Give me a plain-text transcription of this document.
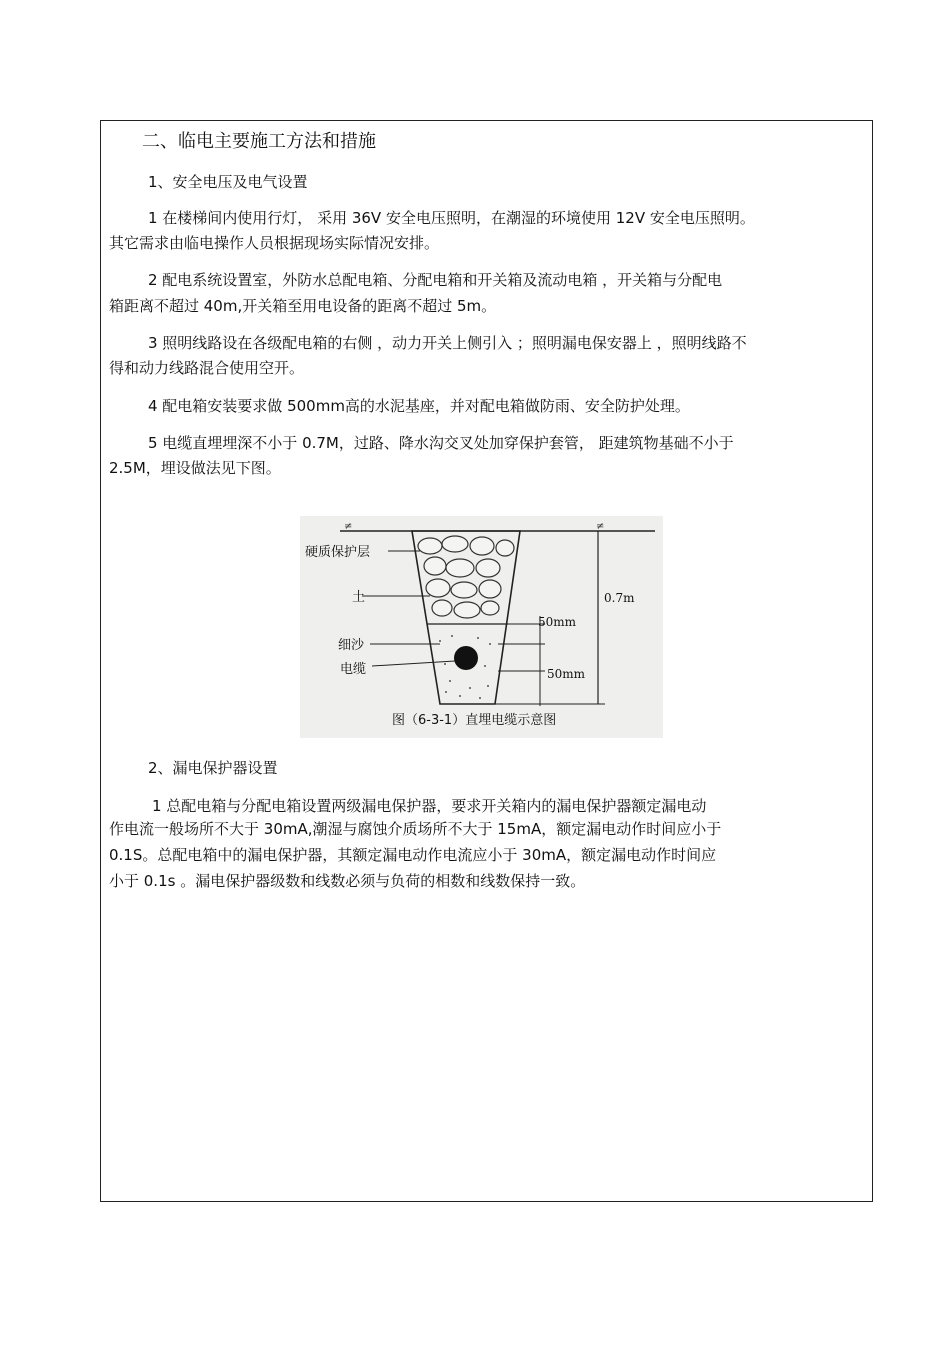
二、临电主要施工方法和措施
1、安全电压及电气设置
1 在楼梯间内使用行灯， 采用 36V 安全电压照明，在潮湿的环境使用 12V 安全电压照明。
其它需求由临电操作人员根据现场实际情况安排。
2 配电系统设置室，外防水总配电箱、分配电箱和开关箱及流动电箱 ，开关箱与分配电
箱距离不超过 40m,开关箱至用电设备的距离不超过 5m。
3 照明线路设在各级配电箱的右侧 ，动力开关上侧引入 ；照明漏电保安器上 ，照明线路不
得和动力线路混合使用空开。
4 配电箱安装要求做 500mm高的水泥基座，并对配电箱做防雨、安全防护处理。
5 电缆直埋埋深不小于 0.7M，过路、降水沟交叉处加穿保护套管， 距建筑物基础不小于
2.5M，埋设做法见下图。
≠	≠
硬质保护层
土
细沙
电缆
0.7m
50mm
50mm
图（6-3-1）直埋电缆示意图
2、漏电保护器设置
1 总配电箱与分配电箱设置两级漏电保护器，要求开关箱内的漏电保护器额定漏电动
作电流一般场所不大于 30mA,潮湿与腐蚀介质场所不大于 15mA，额定漏电动作时间应小于
0.1S。总配电箱中的漏电保护器，其额定漏电动作电流应小于 30mA，额定漏电动作时间应
小于 0.1s 。漏电保护器级数和线数必须与负荷的相数和线数保持一致。
